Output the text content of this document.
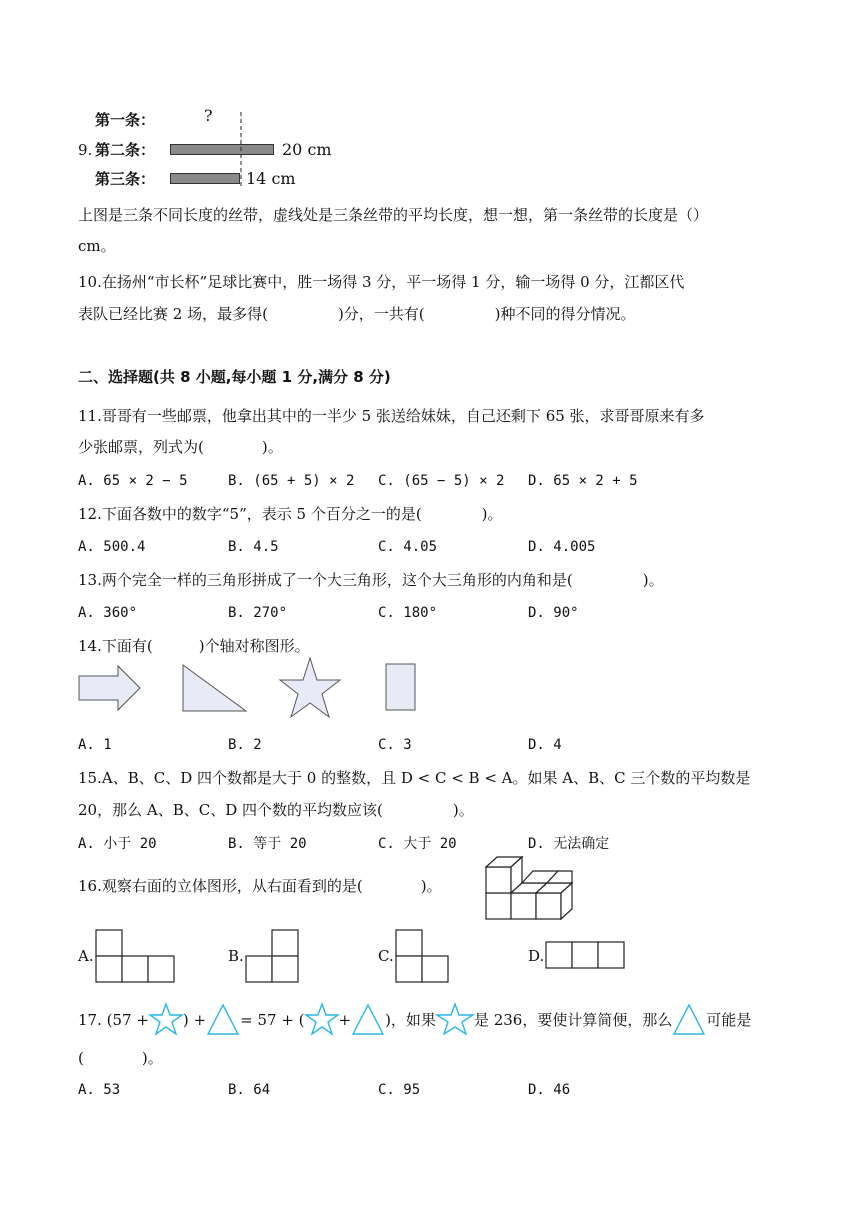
第一条：	?
9. 第二条：	20 cm
第三条：	14 cm
上图是三条不同长度的丝带，虚线处是三条丝带的平均长度，想一想，第一条丝带的长度是（）
cm。
10.在扬州“市长杯”足球比赛中，胜一场得 3 分，平一场得 1 分，输一场得 0 分，江都区代
表队已经比赛 2 场，最多得(	)分，一共有(	)种不同的得分情况。
二、选择题(共 8 小题,每小题 1 分,满分 8 分)
11.哥哥有一些邮票，他拿出其中的一半少 5 张送给妹妹，自己还剩下 65 张，求哥哥原来有多
少张邮票，列式为(	)。
A. 65 × 2 − 5	B. (65 + 5) × 2 C. (65 − 5) × 2 D. 65 × 2 + 5
12.下面各数中的数字“5”，表示 5 个百分之一的是(	)。
A. 500.4	B. 4.5	C. 4.05	D. 4.005
13.两个完全一样的三角形拼成了一个大三角形，这个大三角形的内角和是(	)。
A. 360°	B. 270°	C. 180°	D. 90°
14.下面有(	)个轴对称图形。
A. 1	B. 2	C. 3	D. 4
15.A、B、C、D 四个数都是大于 0 的整数，且 D < C < B < A。如果 A、B、C 三个数的平均数是
20，那么 A、B、C、D 四个数的平均数应该(	)。
A. 小于 20	B. 等于 20	C. 大于 20	D. 无法确定
16.观察右面的立体图形，从右面看到的是(	)。
A.	B.	C.	D.
17. (57 + ) + = 57 + ( + )，如果	是 236，要使计算简便，那么 可能是
(	)。
A. 53	B. 64	C. 95	D. 46
